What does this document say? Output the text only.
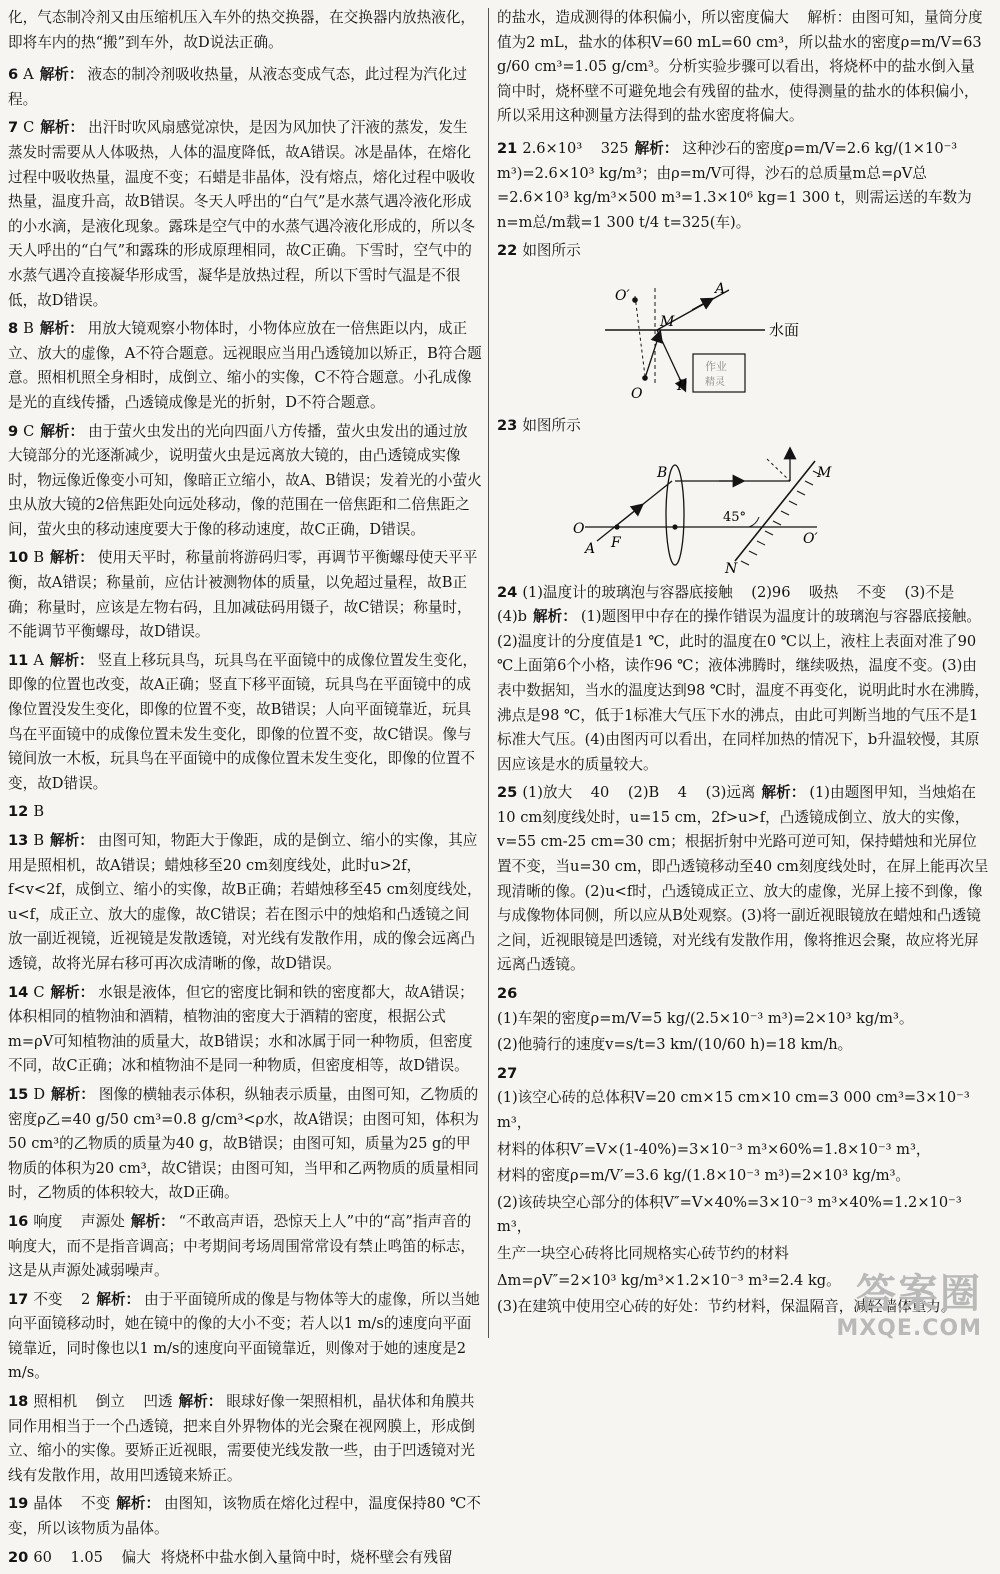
化，气态制冷剂又由压缩机压入车外的热交换器，在交换器内放热液化，即将车内的热“搬”到车外，故D说法正确。
6 A 解析： 液态的制冷剂吸收热量，从液态变成气态，此过程为汽化过程。
7 C 解析： 出汗时吹风扇感觉凉快，是因为风加快了汗液的蒸发，发生蒸发时需要从人体吸热，人体的温度降低，故A错误。冰是晶体，在熔化过程中吸收热量，温度不变；石蜡是非晶体，没有熔点，熔化过程中吸收热量，温度升高，故B错误。冬天人呼出的“白气”是水蒸气遇冷液化形成的小水滴，是液化现象。露珠是空气中的水蒸气遇冷液化形成的，所以冬天人呼出的“白气”和露珠的形成原理相同，故C正确。下雪时，空气中的水蒸气遇冷直接凝华形成雪，凝华是放热过程，所以下雪时气温是不很低，故D错误。
8 B 解析： 用放大镜观察小物体时，小物体应放在一倍焦距以内，成正立、放大的虚像，A不符合题意。远视眼应当用凸透镜加以矫正，B符合题意。照相机照全身相时，成倒立、缩小的实像，C不符合题意。小孔成像是光的直线传播，凸透镜成像是光的折射，D不符合题意。
9 C 解析： 由于萤火虫发出的光向四面八方传播，萤火虫发出的通过放大镜部分的光逐渐减少，说明萤火虫是远离放大镜的，由凸透镜成实像时，物远像近像变小可知，像暗正立缩小，故A、B错误；发着光的小萤火虫从放大镜的2倍焦距处向远处移动，像的范围在一倍焦距和二倍焦距之间，萤火虫的移动速度要大于像的移动速度，故C正确，D错误。
10 B 解析： 使用天平时，称量前将游码归零，再调节平衡螺母使天平平衡，故A错误；称量前，应估计被测物体的质量，以免超过量程，故B正确；称量时，应该是左物右码，且加减砝码用镊子，故C错误；称量时，不能调节平衡螺母，故D错误。
11 A 解析： 竖直上移玩具鸟，玩具鸟在平面镜中的成像位置发生变化，即像的位置也改变，故A正确；竖直下移平面镜，玩具鸟在平面镜中的成像位置没发生变化，即像的位置不变，故B错误；人向平面镜靠近，玩具鸟在平面镜中的成像位置未发生变化，即像的位置不变，故C错误。像与镜间放一木板，玩具鸟在平面镜中的成像位置未发生变化，即像的位置不变，故D错误。
12 B
13 B 解析： 由图可知，物距大于像距，成的是倒立、缩小的实像，其应用是照相机，故A错误；蜡烛移至20 cm刻度线处，此时u>2f，f<v<2f，成倒立、缩小的实像，故B正确；若蜡烛移至45 cm刻度线处，u<f，成正立、放大的虚像，故C错误；若在图示中的烛焰和凸透镜之间放一副近视镜，近视镜是发散透镜，对光线有发散作用，成的像会远离凸透镜，故将光屏右移可再次成清晰的像，故D错误。
14 C 解析： 水银是液体，但它的密度比铜和铁的密度都大，故A错误；体积相同的植物油和酒精，植物油的密度大于酒精的密度，根据公式m=ρV可知植物油的质量大，故B错误；水和冰属于同一种物质，但密度不同，故C正确；冰和植物油不是同一种物质，但密度相等，故D错误。
15 D 解析： 图像的横轴表示体积，纵轴表示质量，由图可知，乙物质的密度ρ乙=40 g/50 cm³=0.8 g/cm³<ρ水，故A错误；由图可知，体积为50 cm³的乙物质的质量为40 g，故B错误；由图可知，质量为25 g的甲物质的体积为20 cm³，故C错误；由图可知，当甲和乙两物质的质量相同时，乙物质的体积较大，故D正确。
16 响度    声源处 解析： “不敢高声语，恐惊天上人”中的“高”指声音的响度大，而不是指音调高；中考期间考场周围常常设有禁止鸣笛的标志，这是从声源处减弱噪声。
17 不变    2 解析： 由于平面镜所成的像是与物体等大的虚像，所以当她向平面镜移动时，她在镜中的像的大小不变；若人以1 m/s的速度向平面镜靠近，同时像也以1 m/s的速度向平面镜靠近，则像对于她的速度是2 m/s。
18 照相机    倒立    凹透 解析： 眼球好像一架照相机，晶状体和角膜共同作用相当于一个凸透镜，把来自外界物体的光会聚在视网膜上，形成倒立、缩小的实像。要矫正近视眼，需要使光线发散一些，由于凹透镜对光线有发散作用，故用凹透镜来矫正。
19 晶体    不变 解析： 由图知，该物质在熔化过程中，温度保持80 ℃不变，所以该物质为晶体。
20 60    1.05    偏大 将烧杯中盐水倒入量筒中时，烧杯壁会有残留
的盐水，造成测得的体积偏小，所以密度偏大    解析：由图可知，量筒分度值为2 mL，盐水的体积V=60 mL=60 cm³，所以盐水的密度ρ=m/V=63 g/60 cm³=1.05 g/cm³。分析实验步骤可以看出，将烧杯中的盐水倒入量筒中时，烧杯壁不可避免地会有残留的盐水，使得测量的盐水的体积偏小，所以采用这种测量方法得到的盐水密度将偏大。
21 2.6×10³    325 解析： 这种沙石的密度ρ=m/V=2.6 kg/(1×10⁻³ m³)=2.6×10³ kg/m³；由ρ=m/V可得，沙石的总质量m总=ρV总=2.6×10³ kg/m³×500 m³=1.3×10⁶ kg=1 300 t，则需运送的车数为n=m总/m载=1 300 t/4 t=325(车)。
22 如图所示
水面
O′
M
A
O P
作业
精灵
23 如图所示
B	M
O
F
A
45°
O′
N
24 (1)温度计的玻璃泡与容器底接触    (2)96    吸热    不变    (3)不是    (4)b 解析： (1)题图甲中存在的操作错误为温度计的玻璃泡与容器底接触。(2)温度计的分度值是1 ℃，此时的温度在0 ℃以上，液柱上表面对准了90 ℃上面第6个小格，读作96 ℃；液体沸腾时，继续吸热，温度不变。(3)由表中数据知，当水的温度达到98 ℃时，温度不再变化，说明此时水在沸腾，沸点是98 ℃，低于1标准大气压下水的沸点，由此可判断当地的气压不是1标准大气压。(4)由图丙可以看出，在同样加热的情况下，b升温较慢，其原因应该是水的质量较大。
25 (1)放大    40    (2)B    4    (3)远离 解析： (1)由题图甲知，当烛焰在10 cm刻度线处时，u=15 cm，2f>u>f，凸透镜成倒立、放大的实像，v=55 cm-25 cm=30 cm；根据折射中光路可逆可知，保持蜡烛和光屏位置不变，当u=30 cm，即凸透镜移动至40 cm刻度线处时，在屏上能再次呈现清晰的像。(2)u<f时，凸透镜成正立、放大的虚像，光屏上接不到像，像与成像物体同侧，所以应从B处观察。(3)将一副近视眼镜放在蜡烛和凸透镜之间，近视眼镜是凹透镜，对光线有发散作用，像将推迟会聚，故应将光屏远离凸透镜。
26
(1)车架的密度ρ=m/V=5 kg/(2.5×10⁻³ m³)=2×10³ kg/m³。
(2)他骑行的速度v=s/t=3 km/(10/60 h)=18 km/h。
27
(1)该空心砖的总体积V=20 cm×15 cm×10 cm=3 000 cm³=3×10⁻³ m³，
材料的体积V′=V×(1-40%)=3×10⁻³ m³×60%=1.8×10⁻³ m³，
材料的密度ρ=m/V′=3.6 kg/(1.8×10⁻³ m³)=2×10³ kg/m³。
(2)该砖块空心部分的体积V″=V×40%=3×10⁻³ m³×40%=1.2×10⁻³ m³，
生产一块空心砖将比同规格实心砖节约的材料
Δm=ρV″=2×10³ kg/m³×1.2×10⁻³ m³=2.4 kg。
(3)在建筑中使用空心砖的好处：节约材料，保温隔音，减轻墙体重力。
答案圈
MXQE.COM
